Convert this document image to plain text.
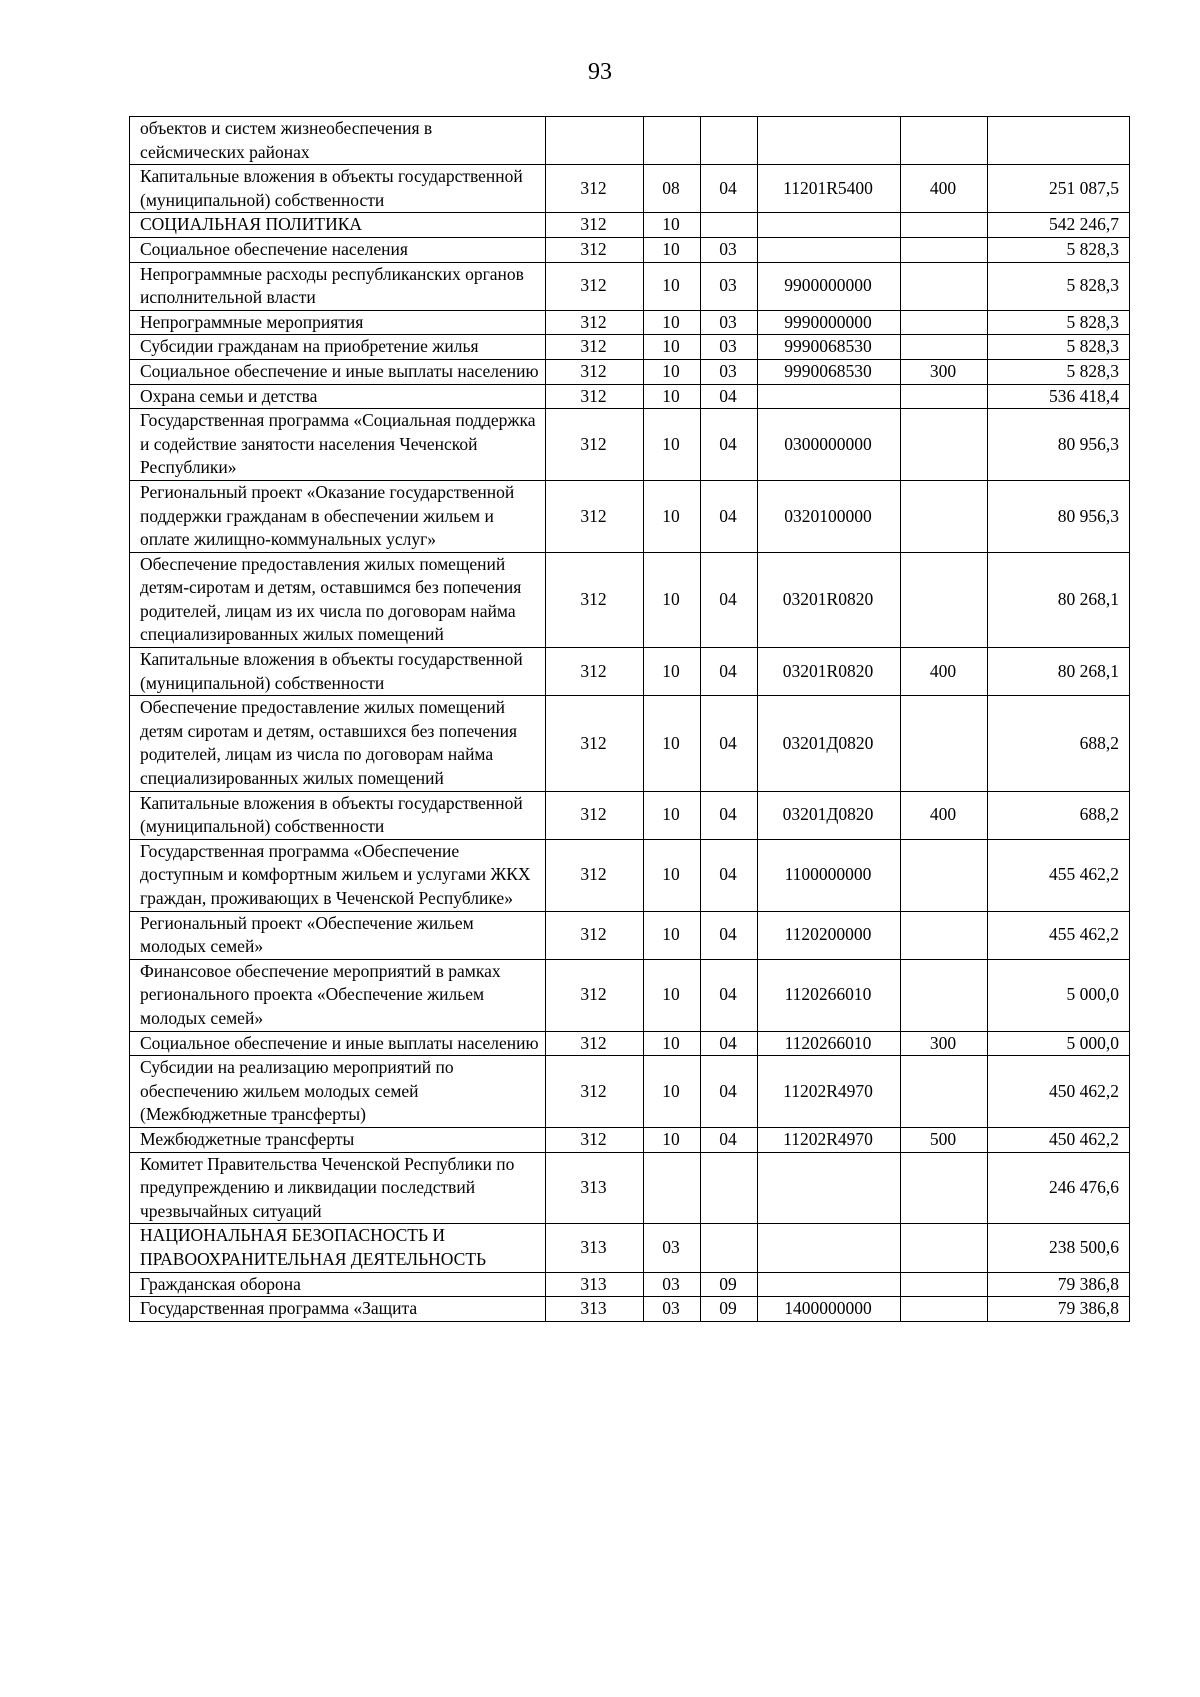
93
объектов и систем жизнеобеспечения в сейсмических районах						
Капитальные вложения в объекты государственной (муниципальной) собственности	312	08	04	11201R5400	400	251 087,5
СОЦИАЛЬНАЯ ПОЛИТИКА	312	10				542 246,7
Социальное обеспечение населения	312	10	03			5 828,3
Непрограммные расходы республиканских органов исполнительной власти	312	10	03	9900000000		5 828,3
Непрограммные мероприятия	312	10	03	9990000000		5 828,3
Субсидии гражданам на приобретение жилья	312	10	03	9990068530		5 828,3
Социальное обеспечение и иные выплаты населению	312	10	03	9990068530	300	5 828,3
Охрана семьи и детства	312	10	04			536 418,4
Государственная программа «Социальная поддержка и содействие занятости населения Чеченской Республики»	312	10	04	0300000000		80 956,3
Региональный проект «Оказание государственной поддержки гражданам в обеспечении жильем и оплате жилищно-коммунальных услуг»	312	10	04	0320100000		80 956,3
Обеспечение предоставления жилых помещений детям-сиротам и детям, оставшимся без попечения родителей, лицам из их числа по договорам найма специализированных жилых помещений	312	10	04	03201R0820		80 268,1
Капитальные вложения в объекты государственной (муниципальной) собственности	312	10	04	03201R0820	400	80 268,1
Обеспечение предоставление жилых помещений детям сиротам и детям, оставшихся без попечения родителей, лицам из числа по договорам найма специализированных жилых помещений	312	10	04	03201Д0820		688,2
Капитальные вложения в объекты государственной (муниципальной) собственности	312	10	04	03201Д0820	400	688,2
Государственная программа «Обеспечение доступным и комфортным жильем и услугами ЖКХ граждан, проживающих в Чеченской Республике»	312	10	04	1100000000		455 462,2
Региональный проект «Обеспечение жильем молодых семей»	312	10	04	1120200000		455 462,2
Финансовое обеспечение мероприятий в рамках регионального проекта «Обеспечение жильем молодых семей»	312	10	04	1120266010		5 000,0
Социальное обеспечение и иные выплаты населению	312	10	04	1120266010	300	5 000,0
Субсидии на реализацию мероприятий по обеспечению жильем молодых семей (Межбюджетные трансферты)	312	10	04	11202R4970		450 462,2
Межбюджетные трансферты	312	10	04	11202R4970	500	450 462,2
Комитет Правительства Чеченской Республики по предупреждению и ликвидации последствий чрезвычайных ситуаций	313					246 476,6
НАЦИОНАЛЬНАЯ БЕЗОПАСНОСТЬ И ПРАВООХРАНИТЕЛЬНАЯ ДЕЯТЕЛЬНОСТЬ	313	03				238 500,6
Гражданская оборона	313	03	09			79 386,8
Государственная программа «Защита	313	03	09	1400000000		79 386,8
